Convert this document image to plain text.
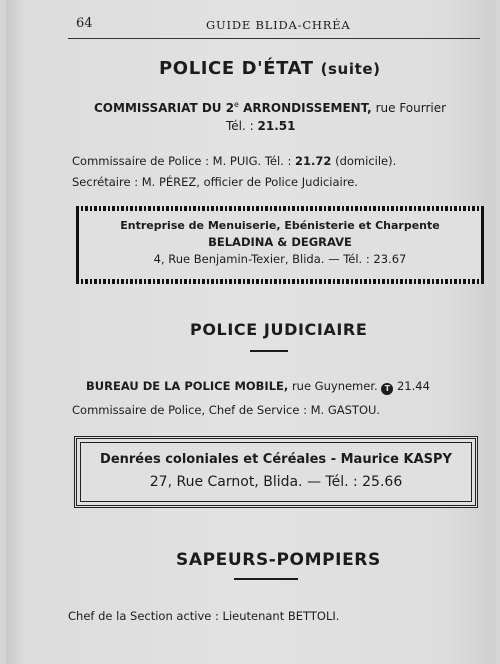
64	GUIDE BLIDA-CHRÉA
POLICE D'ÉTAT (suite)
COMMISSARIAT DU 2e ARRONDISSEMENT, rue Fourrier
Tél. : 21.51
Commissaire de Police : M. PUIG. Tél. : 21.72 (domicile).
Secrétaire : M. PÉREZ, officier de Police Judiciaire.
Entreprise de Menuiserie, Ebénisterie et Charpente
BELADINA & DEGRAVE
4, Rue Benjamin-Texier, Blida. — Tél. : 23.67
POLICE JUDICIAIRE
BUREAU DE LA POLICE MOBILE, rue Guynemer. T 21.44
Commissaire de Police, Chef de Service : M. GASTOU.
Denrées coloniales et Céréales - Maurice KASPY
27, Rue Carnot, Blida. — Tél. : 25.66
SAPEURS-POMPIERS
Chef de la Section active : Lieutenant BETTOLI.
